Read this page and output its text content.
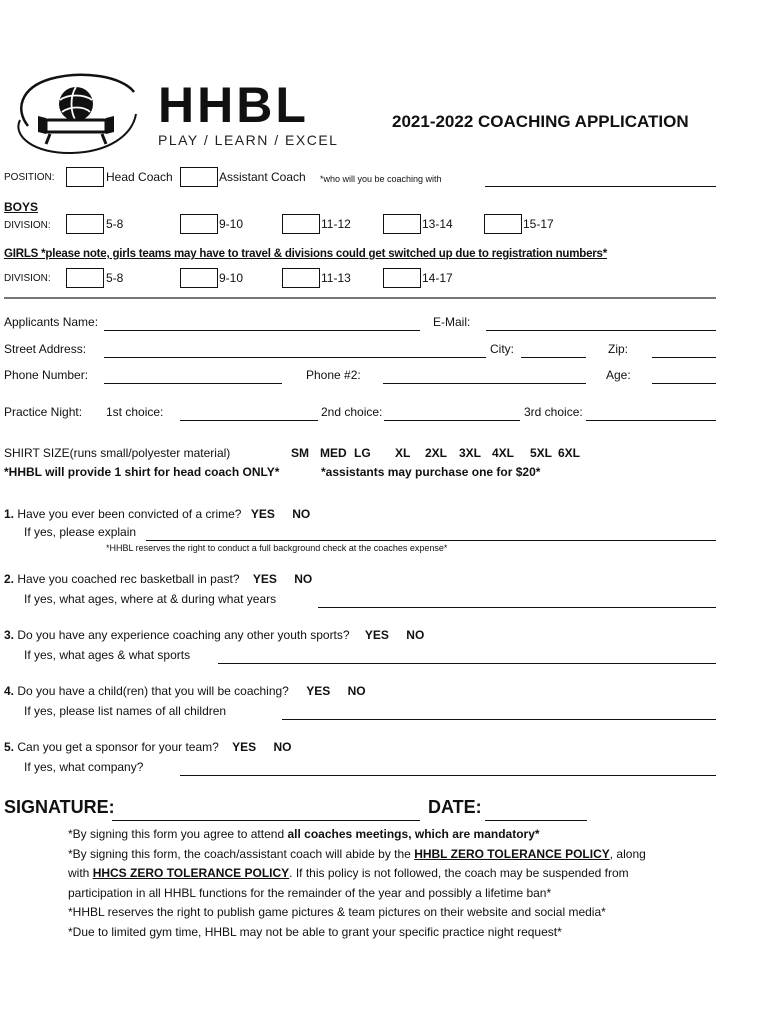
HHBL
PLAY / LEARN / EXCEL
2021-2022 COACHING APPLICATION
POSITION:	Head Coach	Assistant Coach *who will you be coaching with
BOYS
DIVISION:	5-8	9-10	11-12	13-14	15-17
GIRLS *please note, girls teams may have to travel & divisions could get switched up due to registration numbers*
DIVISION:	5-8	9-10	11-13	14-17
Applicants Name:	E-Mail:
Street Address:	City:	Zip:
Phone Number:	Phone #2:	Age:
Practice Night: 1st choice:	2nd choice:	3rd choice:
SHIRT SIZE(runs small/polyester material)	SM MED LG XL 2XL 3XL 4XL 5XL 6XL
*HHBL will provide 1 shirt for head coach ONLY*	*assistants may purchase one for $20*
1. Have you ever been convicted of a crime? YES NO
If yes, please explain
*HHBL reserves the right to conduct a full background check at the coaches expense*
2. Have you coached rec basketball in past? YES NO
If yes, what ages, where at & during what years
3. Do you have any experience coaching any other youth sports? YES NO
If yes, what ages & what sports
4. Do you have a child(ren) that you will be coaching? YES NO
If yes, please list names of all children
5. Can you get a sponsor for your team? YES NO
If yes, what company?
SIGNATURE:	DATE:
*By signing this form you agree to attend all coaches meetings, which are mandatory*
*By signing this form, the coach/assistant coach will abide by the HHBL ZERO TOLERANCE POLICY, along
with HHCS ZERO TOLERANCE POLICY. If this policy is not followed, the coach may be suspended from
participation in all HHBL functions for the remainder of the year and possibly a lifetime ban*
*HHBL reserves the right to publish game pictures & team pictures on their website and social media*
*Due to limited gym time, HHBL may not be able to grant your specific practice night request*
